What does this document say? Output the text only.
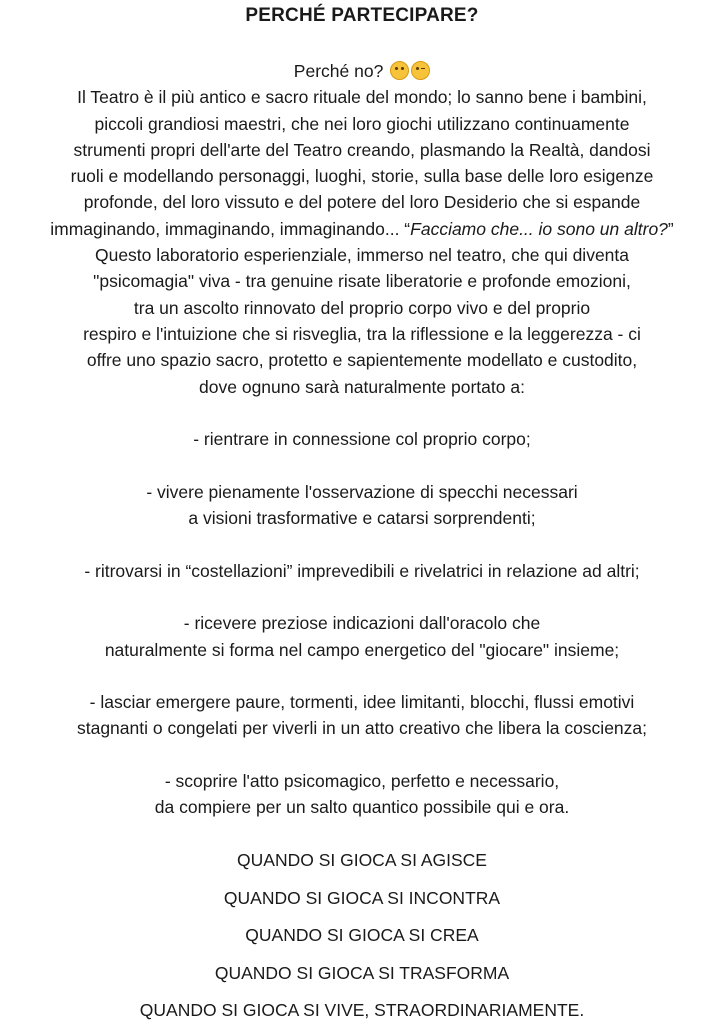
PERCHÉ PARTECIPARE?
Perché no?
Il Teatro è il più antico e sacro rituale del mondo; lo sanno bene i bambini,
piccoli grandiosi maestri, che nei loro giochi utilizzano continuamente
strumenti propri dell'arte del Teatro creando, plasmando la Realtà, dandosi
ruoli e modellando personaggi, luoghi, storie, sulla base delle loro esigenze
profonde, del loro vissuto e del potere del loro Desiderio che si espande
immaginando, immaginando, immaginando... “Facciamo che... io sono un altro?”
Questo laboratorio esperienziale, immerso nel teatro, che qui diventa
"psicomagia" viva - tra genuine risate liberatorie e profonde emozioni,
tra un ascolto rinnovato del proprio corpo vivo e del proprio
respiro e l'intuizione che si risveglia, tra la riflessione e la leggerezza - ci
offre uno spazio sacro, protetto e sapientemente modellato e custodito,
dove ognuno sarà naturalmente portato a:
- rientrare in connessione col proprio corpo;
- vivere pienamente l'osservazione di specchi necessari
a visioni trasformative e catarsi sorprendenti;
- ritrovarsi in “costellazioni” imprevedibili e rivelatrici in relazione ad altri;
- ricevere preziose indicazioni dall'oracolo che
naturalmente si forma nel campo energetico del "giocare" insieme;
- lasciar emergere paure, tormenti, idee limitanti, blocchi, flussi emotivi
stagnanti o congelati per viverli in un atto creativo che libera la coscienza;
- scoprire l'atto psicomagico, perfetto e necessario,
da compiere per un salto quantico possibile qui e ora.
QUANDO SI GIOCA SI AGISCE
QUANDO SI GIOCA SI INCONTRA
QUANDO SI GIOCA SI CREA
QUANDO SI GIOCA SI TRASFORMA
QUANDO SI GIOCA SI VIVE, STRAORDINARIAMENTE.
